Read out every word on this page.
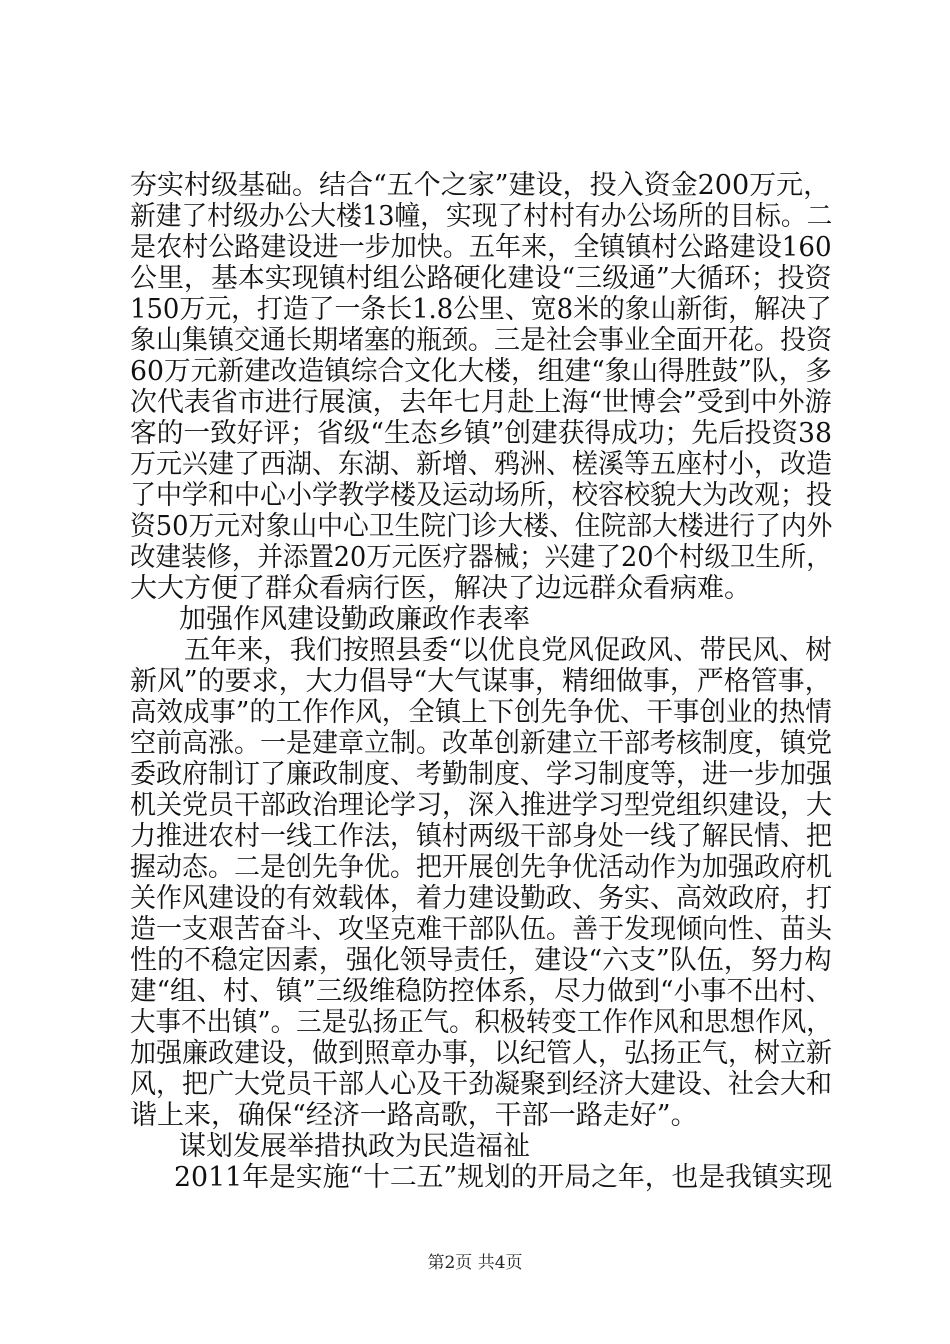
夯实村级基础。结合“五个之家”建设，投入资金200万元，
新建了村级办公大楼13幢，实现了村村有办公场所的目标。二
是农村公路建设进一步加快。五年来，全镇镇村公路建设160
公里，基本实现镇村组公路硬化建设“三级通”大循环；投资
150万元，打造了一条长1.8公里、宽8米的象山新街，解决了
象山集镇交通长期堵塞的瓶颈。三是社会事业全面开花。投资
60万元新建改造镇综合文化大楼，组建“象山得胜鼓”队，多
次代表省市进行展演，去年七月赴上海“世博会”受到中外游
客的一致好评；省级“生态乡镇”创建获得成功；先后投资38
万元兴建了西湖、东湖、新增、鸦洲、槎溪等五座村小，改造
了中学和中心小学教学楼及运动场所，校容校貌大为改观；投
资50万元对象山中心卫生院门诊大楼、住院部大楼进行了内外
改建装修，并添置20万元医疗器械；兴建了20个村级卫生所，
大大方便了群众看病行医，解决了边远群众看病难。
加强作风建设勤政廉政作表率
五年来，我们按照县委“以优良党风促政风、带民风、树
新风”的要求，大力倡导“大气谋事，精细做事，严格管事，
高效成事”的工作作风，全镇上下创先争优、干事创业的热情
空前高涨。一是建章立制。改革创新建立干部考核制度，镇党
委政府制订了廉政制度、考勤制度、学习制度等，进一步加强
机关党员干部政治理论学习，深入推进学习型党组织建设，大
力推进农村一线工作法，镇村两级干部身处一线了解民情、把
握动态。二是创先争优。把开展创先争优活动作为加强政府机
关作风建设的有效载体，着力建设勤政、务实、高效政府，打
造一支艰苦奋斗、攻坚克难干部队伍。善于发现倾向性、苗头
性的不稳定因素，强化领导责任，建设“六支”队伍，努力构
建“组、村、镇”三级维稳防控体系，尽力做到“小事不出村、
大事不出镇”。三是弘扬正气。积极转变工作作风和思想作风，
加强廉政建设，做到照章办事，以纪管人，弘扬正气，树立新
风，把广大党员干部人心及干劲凝聚到经济大建设、社会大和
谐上来，确保“经济一路高歌，干部一路走好”。
谋划发展举措执政为民造福祉
2011年是实施“十二五”规划的开局之年，也是我镇实现
第2页 共4页
